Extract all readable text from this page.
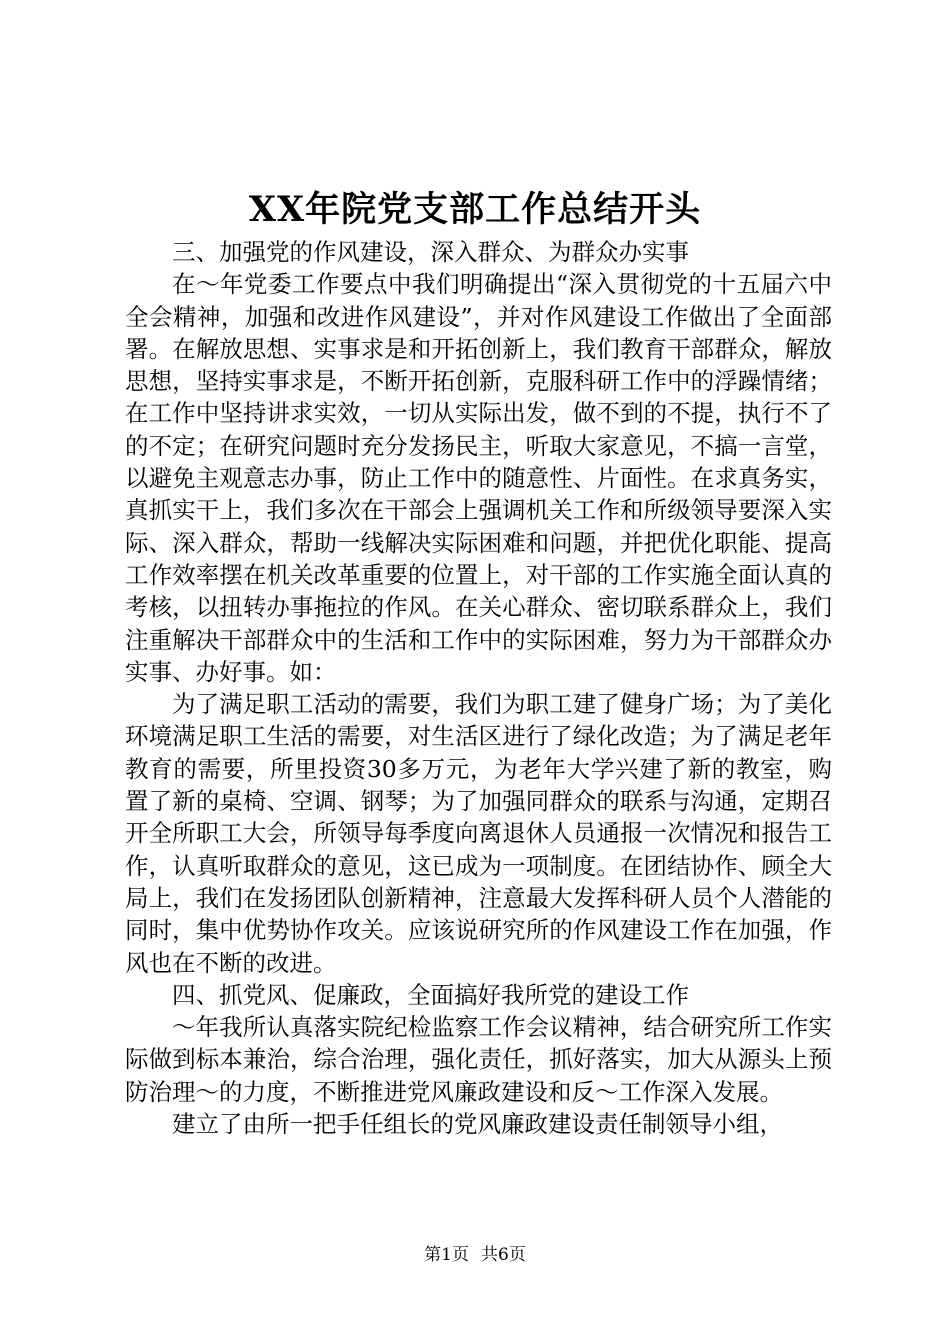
XX年院党支部工作总结开头

三、加强党的作风建设，深入群众、为群众办实事

在～年党委工作要点中我们明确提出“深入贯彻党的十五届六中全会精神，加强和改进作风建设”，并对作风建设工作做出了全面部署。在解放思想、实事求是和开拓创新上，我们教育干部群众，解放思想，坚持实事求是，不断开拓创新，克服科研工作中的浮躁情绪；在工作中坚持讲求实效，一切从实际出发，做不到的不提，执行不了的不定；在研究问题时充分发扬民主，听取大家意见，不搞一言堂，以避免主观意志办事，防止工作中的随意性、片面性。在求真务实，真抓实干上，我们多次在干部会上强调机关工作和所级领导要深入实际、深入群众，帮助一线解决实际困难和问题，并把优化职能、提高工作效率摆在机关改革重要的位置上，对干部的工作实施全面认真的考核，以扭转办事拖拉的作风。在关心群众、密切联系群众上，我们注重解决干部群众中的生活和工作中的实际困难，努力为干部群众办实事、办好事。如：

为了满足职工活动的需要，我们为职工建了健身广场；为了美化环境满足职工生活的需要，对生活区进行了绿化改造；为了满足老年教育的需要，所里投资30多万元，为老年大学兴建了新的教室，购置了新的桌椅、空调、钢琴；为了加强同群众的联系与沟通，定期召开全所职工大会，所领导每季度向离退休人员通报一次情况和报告工作，认真听取群众的意见，这已成为一项制度。在团结协作、顾全大局上，我们在发扬团队创新精神，注意最大发挥科研人员个人潜能的同时，集中优势协作攻关。应该说研究所的作风建设工作在加强，作风也在不断的改进。

四、抓党风、促廉政，全面搞好我所党的建设工作

～年我所认真落实院纪检监察工作会议精神，结合研究所工作实际做到标本兼治，综合治理，强化责任，抓好落实，加大从源头上预防治理～的力度，不断推进党风廉政建设和反～工作深入发展。

建立了由所一把手任组长的党风廉政建设责任制领导小组，

第1页 共6页
